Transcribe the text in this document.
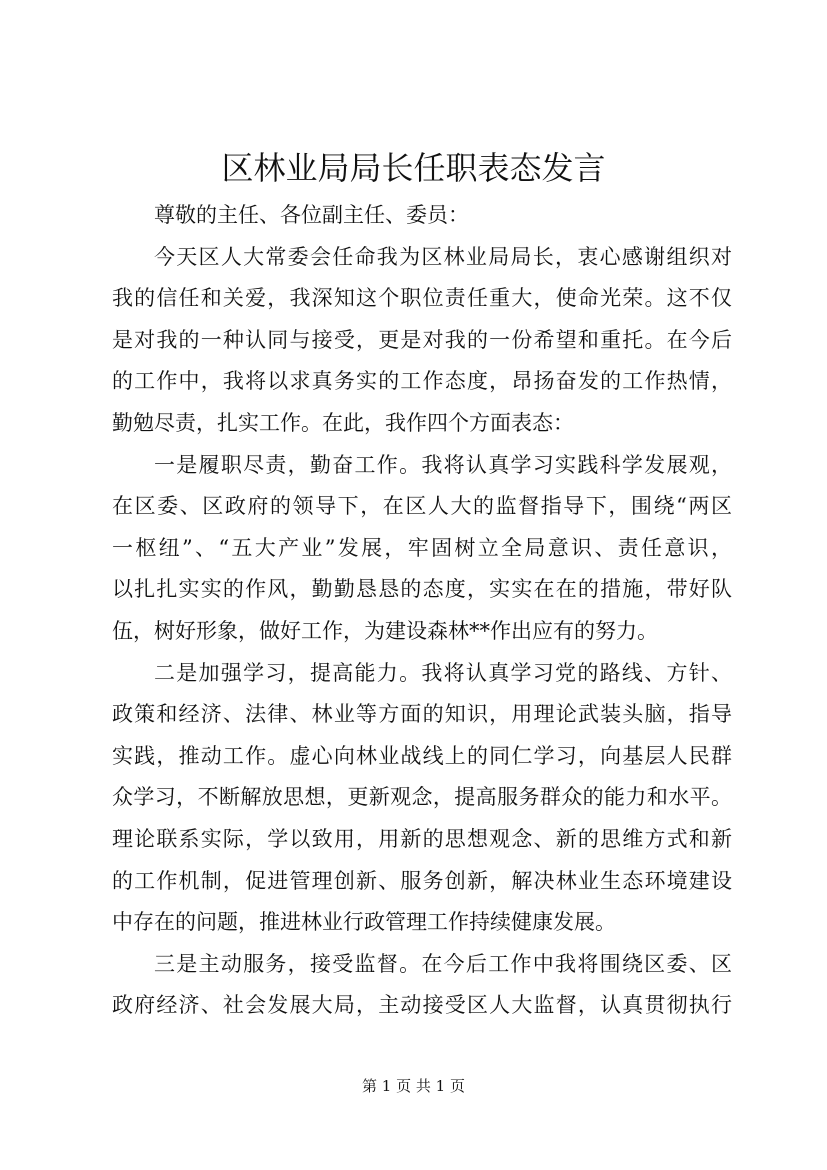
区林业局局长任职表态发言
尊敬的主任、各位副主任、委员：
今天区人大常委会任命我为区林业局局长，衷心感谢组织对
我的信任和关爱，我深知这个职位责任重大，使命光荣。这不仅
是对我的一种认同与接受，更是对我的一份希望和重托。在今后
的工作中，我将以求真务实的工作态度，昂扬奋发的工作热情，
勤勉尽责，扎实工作。在此，我作四个方面表态：
一是履职尽责，勤奋工作。我将认真学习实践科学发展观，
在区委、区政府的领导下，在区人大的监督指导下，围绕“两区
一枢纽”、“五大产业”发展，牢固树立全局意识、责任意识，
以扎扎实实的作风，勤勤恳恳的态度，实实在在的措施，带好队
伍，树好形象，做好工作，为建设森林**作出应有的努力。
二是加强学习，提高能力。我将认真学习党的路线、方针、
政策和经济、法律、林业等方面的知识，用理论武装头脑，指导
实践，推动工作。虚心向林业战线上的同仁学习，向基层人民群
众学习，不断解放思想，更新观念，提高服务群众的能力和水平。
理论联系实际，学以致用，用新的思想观念、新的思维方式和新
的工作机制，促进管理创新、服务创新，解决林业生态环境建设
中存在的问题，推进林业行政管理工作持续健康发展。
三是主动服务，接受监督。在今后工作中我将围绕区委、区
政府经济、社会发展大局，主动接受区人大监督，认真贯彻执行
第 1 页 共 1 页
